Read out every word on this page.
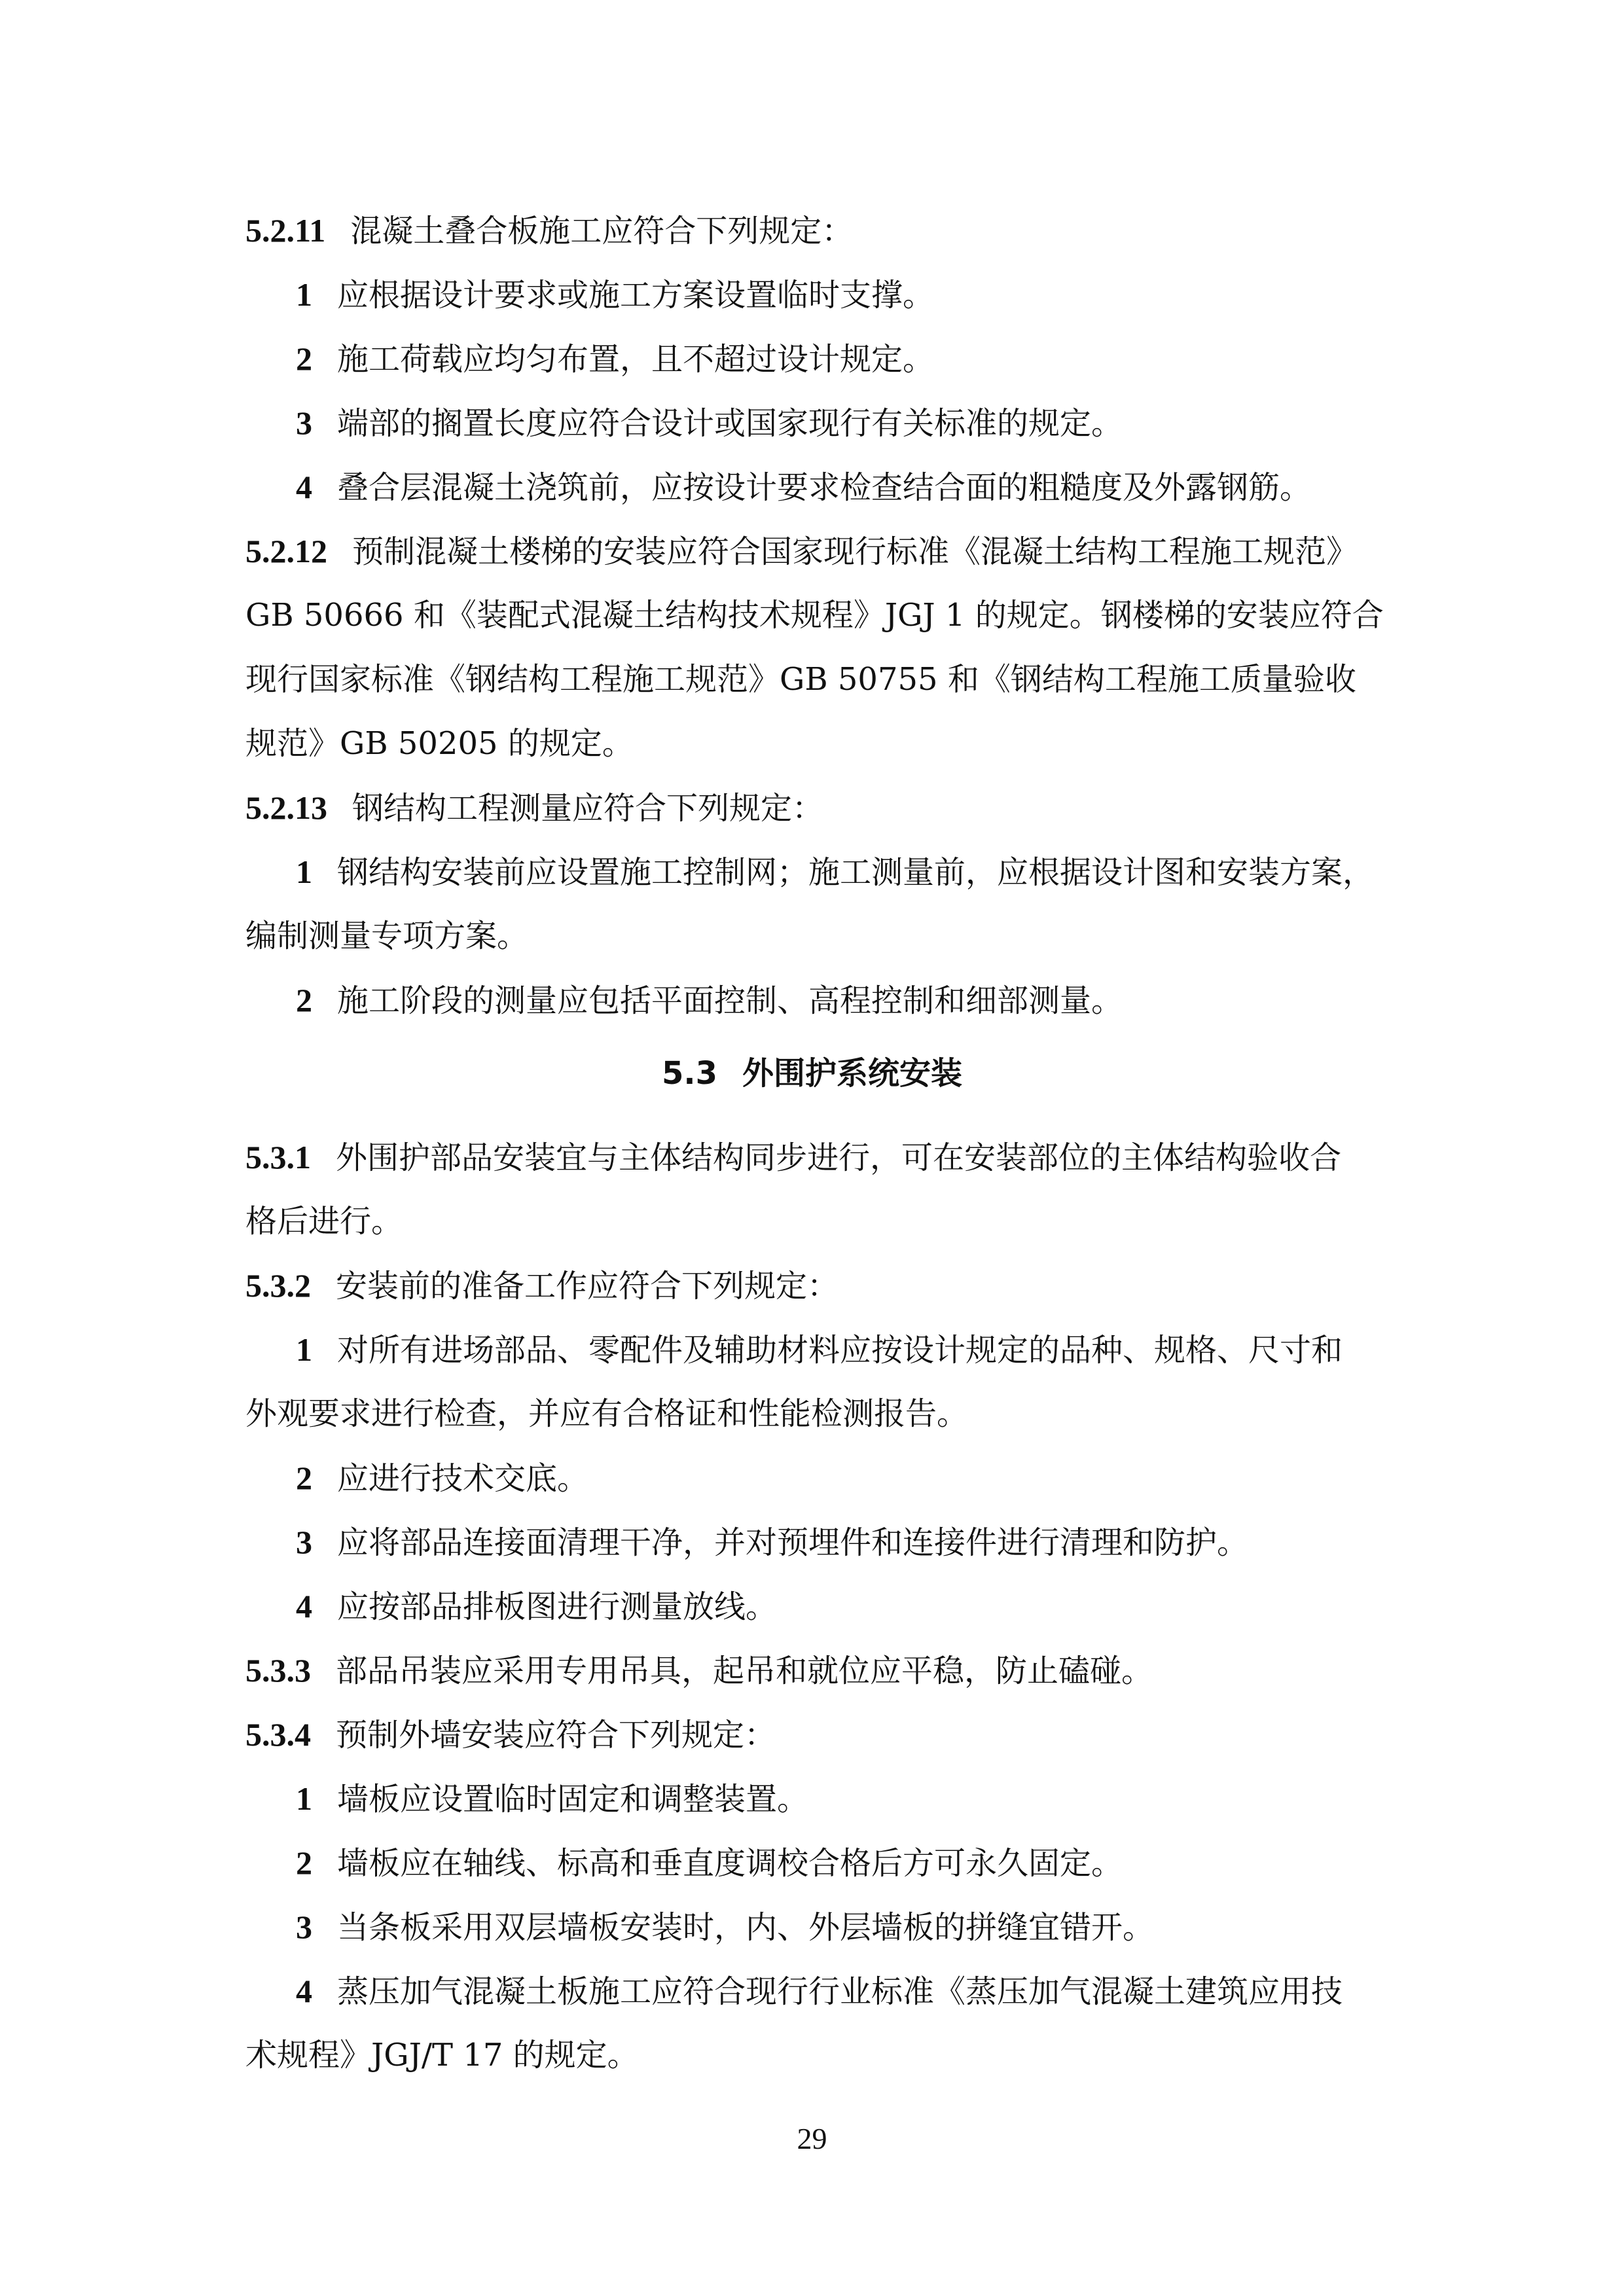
5.2.11 混凝土叠合板施工应符合下列规定：
1 应根据设计要求或施工方案设置临时支撑。
2 施工荷载应均匀布置，且不超过设计规定。
3 端部的搁置长度应符合设计或国家现行有关标准的规定。
4 叠合层混凝土浇筑前，应按设计要求检查结合面的粗糙度及外露钢筋。
5.2.12 预制混凝土楼梯的安装应符合国家现行标准《混凝土结构工程施工规范》
GB 50666 和《装配式混凝土结构技术规程》JGJ 1 的规定。钢楼梯的安装应符合
现行国家标准《钢结构工程施工规范》GB 50755 和《钢结构工程施工质量验收
规范》GB 50205 的规定。
5.2.13 钢结构工程测量应符合下列规定：
1 钢结构安装前应设置施工控制网；施工测量前，应根据设计图和安装方案，
编制测量专项方案。
2 施工阶段的测量应包括平面控制、高程控制和细部测量。
5.3 外围护系统安装
5.3.1 外围护部品安装宜与主体结构同步进行，可在安装部位的主体结构验收合
格后进行。
5.3.2 安装前的准备工作应符合下列规定：
1 对所有进场部品、零配件及辅助材料应按设计规定的品种、规格、尺寸和
外观要求进行检查，并应有合格证和性能检测报告。
2 应进行技术交底。
3 应将部品连接面清理干净，并对预埋件和连接件进行清理和防护。
4 应按部品排板图进行测量放线。
5.3.3 部品吊装应采用专用吊具，起吊和就位应平稳，防止磕碰。
5.3.4 预制外墙安装应符合下列规定：
1 墙板应设置临时固定和调整装置。
2 墙板应在轴线、标高和垂直度调校合格后方可永久固定。
3 当条板采用双层墙板安装时，内、外层墙板的拼缝宜错开。
4 蒸压加气混凝土板施工应符合现行行业标准《蒸压加气混凝土建筑应用技
术规程》JGJ/T 17 的规定。
29
